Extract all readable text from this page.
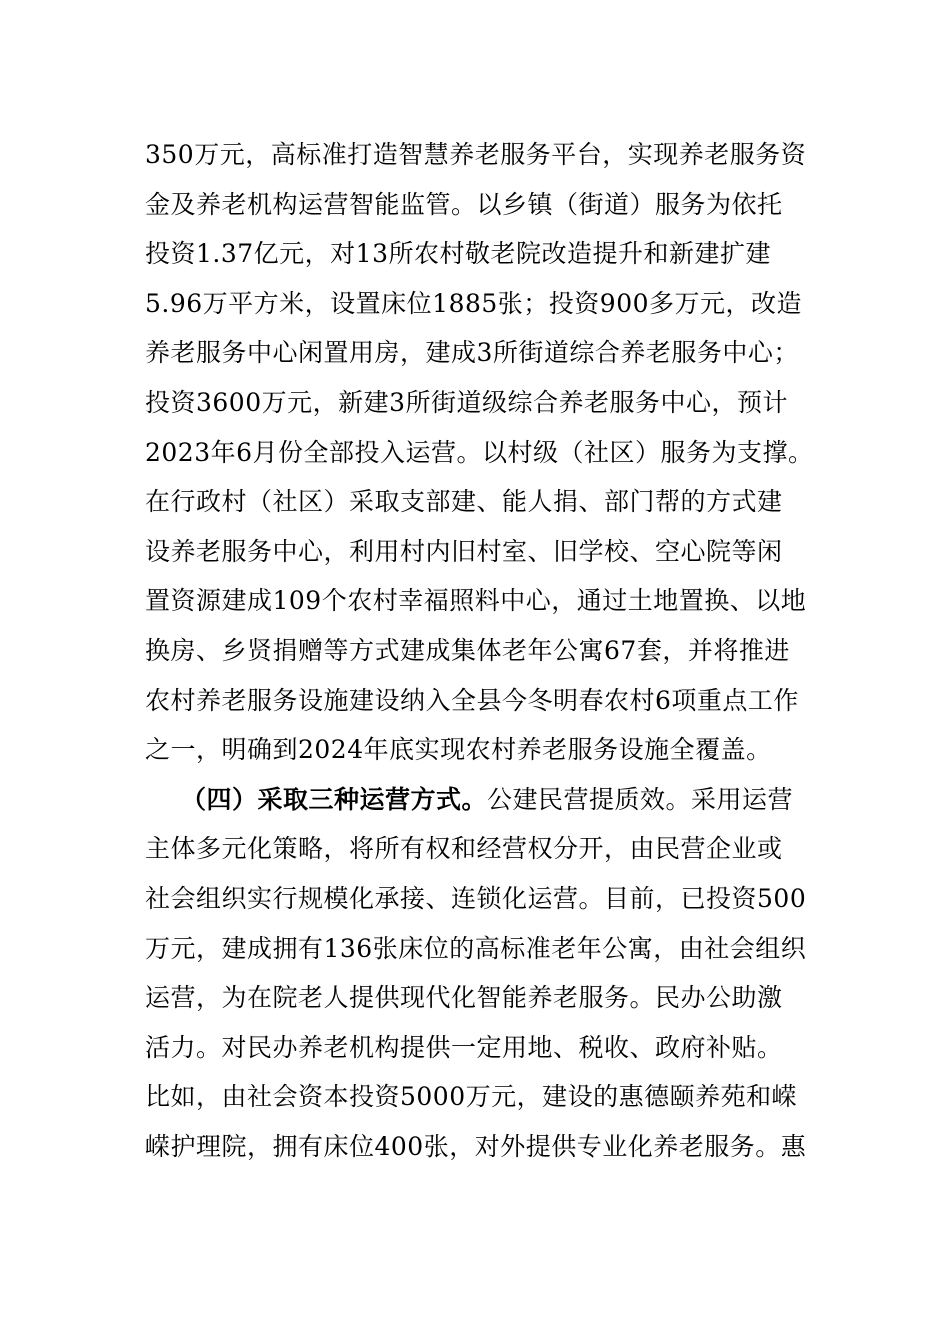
350万元，高标准打造智慧养老服务平台，实现养老服务资
金及养老机构运营智能监管。以乡镇（街道）服务为依托
投资1.37亿元，对13所农村敬老院改造提升和新建扩建
5.96万平方米，设置床位1885张；投资900多万元，改造
养老服务中心闲置用房，建成3所街道综合养老服务中心；
投资3600万元，新建3所街道级综合养老服务中心，预计
2023年6月份全部投入运营。以村级（社区）服务为支撑。
在行政村（社区）采取支部建、能人捐、部门帮的方式建
设养老服务中心，利用村内旧村室、旧学校、空心院等闲
置资源建成109个农村幸福照料中心，通过土地置换、以地
换房、乡贤捐赠等方式建成集体老年公寓67套，并将推进
农村养老服务设施建设纳入全县今冬明春农村6项重点工作
之一，明确到2024年底实现农村养老服务设施全覆盖。
（四）采取三种运营方式。公建民营提质效。采用运营
主体多元化策略，将所有权和经营权分开，由民营企业或
社会组织实行规模化承接、连锁化运营。目前，已投资500
万元，建成拥有136张床位的高标准老年公寓，由社会组织
运营，为在院老人提供现代化智能养老服务。民办公助激
活力。对民办养老机构提供一定用地、税收、政府补贴。
比如，由社会资本投资5000万元，建设的惠德颐养苑和嵘
嵘护理院，拥有床位400张，对外提供专业化养老服务。惠
